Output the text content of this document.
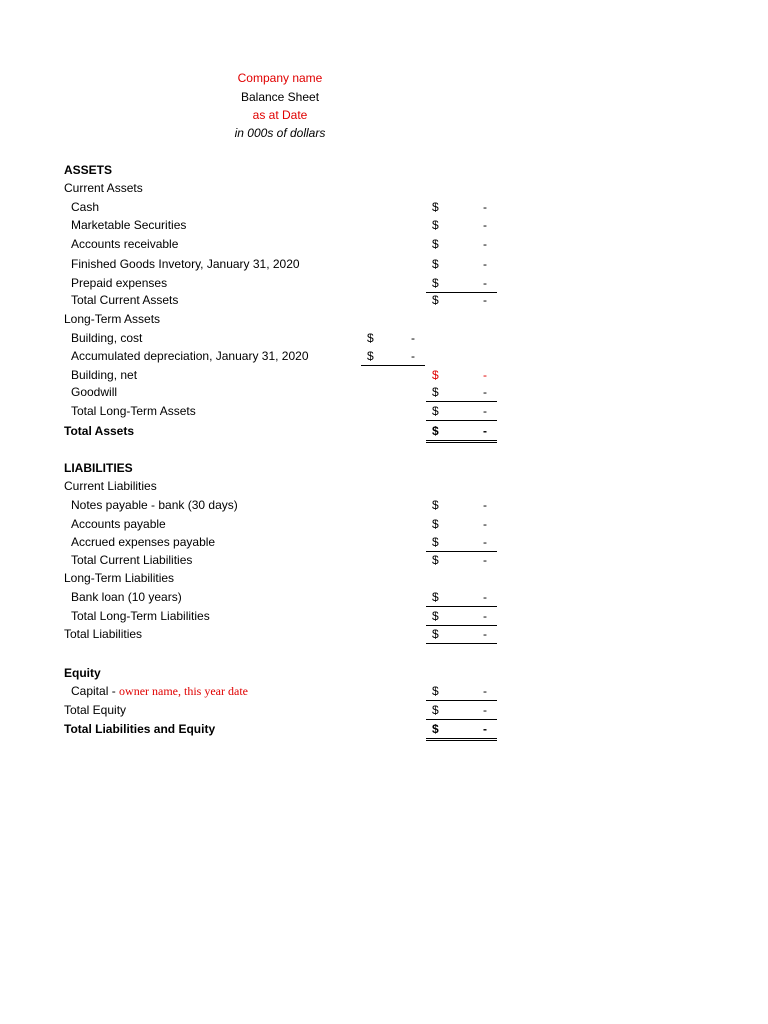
Company name
Balance Sheet
as at Date
in 000s of dollars
ASSETS
Current Assets
Cash	$	-
Marketable Securities	$	-
Accounts receivable	$	-
Finished Goods Invetory, January 31, 2020	$	-
Prepaid expenses	$	-
Total Current Assets	$	-
Long-Term Assets
Building, cost	$	-
Accumulated depreciation, January 31, 2020	$	-
Building, net	$	-
Goodwill	$	-
Total Long-Term Assets	$	-
Total Assets	$	-
LIABILITIES
Current Liabilities
Notes payable - bank (30 days)	$	-
Accounts payable	$	-
Accrued expenses payable	$	-
Total Current Liabilities	$	-
Long-Term Liabilities
Bank loan (10 years)	$	-
Total Long-Term Liabilities	$	-
Total Liabilities	$	-
Equity
Capital - owner name, this year date	$	-
Total Equity	$	-
Total Liabilities and Equity	$	-
